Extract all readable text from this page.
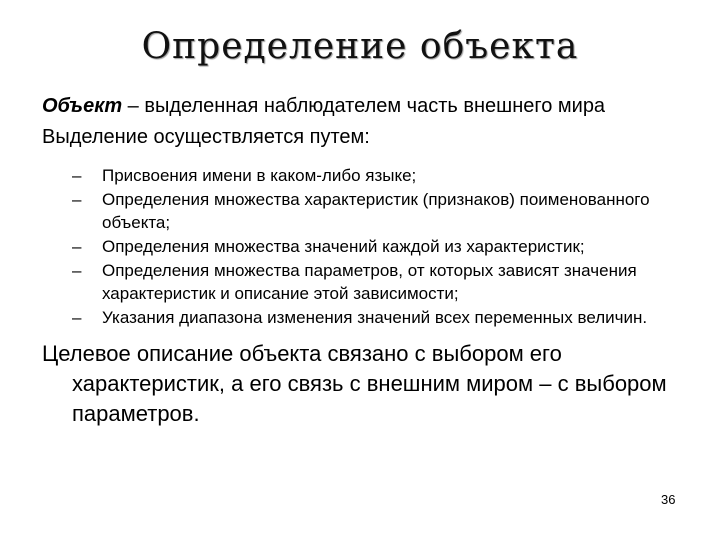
Определение объекта

Объект – выделенная наблюдателем часть внешнего мира

Выделение осуществляется путем:

– Присвоения имени в каком-либо языке;
– Определения множества характеристик (признаков) поименованного объекта;
– Определения множества значений каждой из характеристик;
– Определения множества параметров, от которых зависят значения характеристик и описание этой зависимости;
– Указания диапазона изменения значений всех переменных величин.

Целевое описание объекта связано с выбором его характеристик, а его связь с внешним миром – с выбором параметров.

36
